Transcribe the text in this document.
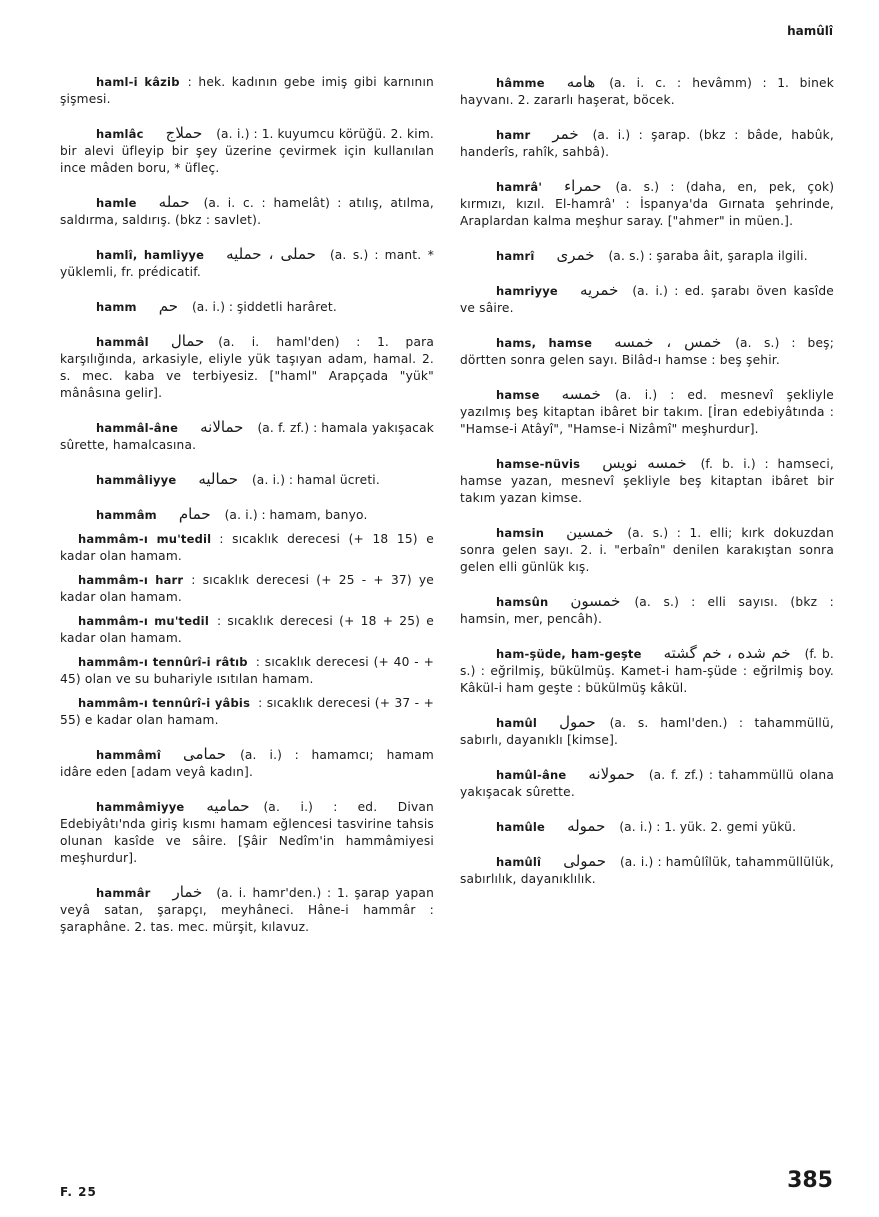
hamûlî

haml-i kâzib : hek. kadının gebe imiş gibi karnının şişmesi.

hamlâc حملاج (a. i.) : 1. kuyumcu körüğü. 2. kim. bir alevi üfleyip bir şey üzerine çevirmek için kullanılan ince mâden boru, * üfleç.

hamle حمله (a. i. c. : hamelât) : atılış, atılma, saldırma, saldırış. (bkz : savlet).

hamlî, hamliyye حملى ، حمليه (a. s.) : mant. * yüklemli, fr. prédicatif.

hamm حم (a. i.) : şiddetli harâret.

hammâl حمال (a. i. haml'den) : 1. para karşılığında, arkasiyle, eliyle yük taşıyan adam, hamal. 2. s. mec. kaba ve terbiyesiz. ["haml" Arapçada "yük" mânâsına gelir].

hammâl-âne حمالانه (a. f. zf.) : hamala yakışacak sûrette, hamalcasına.

hammâliyye حماليه (a. i.) : hamal ücreti.

hammâm حمام (a. i.) : hamam, banyo.

hammâm-ı mu'tedil : sıcaklık derecesi (+ 18 15) e kadar olan hamam.

hammâm-ı harr : sıcaklık derecesi (+ 25 - + 37) ye kadar olan hamam.

hammâm-ı mu'tedil : sıcaklık derecesi (+ 18 + 25) e kadar olan hamam.

hammâm-ı tennûrî-i râtıb : sıcaklık derecesi (+ 40 - + 45) olan ve su buhariyle ısıtılan hamam.

hammâm-ı tennûrî-i yâbis : sıcaklık derecesi (+ 37 - + 55) e kadar olan hamam.

hammâmî حمامى (a. i.) : hamamcı; hamam idâre eden [adam veyâ kadın].

hammâmiyye حماميه (a. i.) : ed. Divan Edebiyâtı'nda giriş kısmı hamam eğlencesi tasvirine tahsis olunan kasîde ve sâire. [Şâir Nedîm'in hammâmiyesi meşhurdur].

hammâr خمار (a. i. hamr'den.) : 1. şarap yapan veyâ satan, şarapçı, meyhâneci. Hâne-i hammâr : şaraphâne. 2. tas. mec. mürşit, kılavuz.

hâmme هامه (a. i. c. : hevâmm) : 1. binek hayvanı. 2. zararlı haşerat, böcek.

hamr خمر (a. i.) : şarap. (bkz : bâde, habûk, handerîs, rahîk, sahbâ).

hamrâ' حمراء (a. s.) : (daha, en, pek, çok) kırmızı, kızıl. El-hamrâ' : İspanya'da Gırnata şehrinde, Araplardan kalma meşhur saray. ["ahmer" in müen.].

hamrî خمرى (a. s.) : şaraba âit, şarapla ilgili.

hamriyye خمريه (a. i.) : ed. şarabı öven kasîde ve sâire.

hams, hamse خمس ، خمسه (a. s.) : beş; dörtten sonra gelen sayı. Bilâd-ı hamse : beş şehir.

hamse خمسه (a. i.) : ed. mesnevî şekliyle yazılmış beş kitaptan ibâret bir takım. [İran edebiyâtında : "Hamse-i Atâyî", "Hamse-i Nizâmî" meşhurdur].

hamse-nüvis خمسه نويس (f. b. i.) : hamseci, hamse yazan, mesnevî şekliyle beş kitaptan ibâret bir takım yazan kimse.

hamsin خمسين (a. s.) : 1. elli; kırk dokuzdan sonra gelen sayı. 2. i. "erbaîn" denilen karakıştan sonra gelen elli günlük kış.

hamsûn خمسون (a. s.) : elli sayısı. (bkz : hamsin, mer, pencâh).

ham-şüde, ham-geşte خم شده ، خم گشته (f. b. s.) : eğrilmiş, bükülmüş. Kamet-i ham-şüde : eğrilmiş boy. Kâkül-i ham geşte : bükülmüş kâkül.

hamûl حمول (a. s. haml'den.) : tahammüllü, sabırlı, dayanıklı [kimse].

hamûl-âne حمولانه (a. f. zf.) : tahammüllü olana yakışacak sûrette.

hamûle حموله (a. i.) : 1. yük. 2. gemi yükü.

hamûlî حمولى (a. i.) : hamûlîlük, tahammüllülük, sabırlılık, dayanıklılık.

F. 25	385
